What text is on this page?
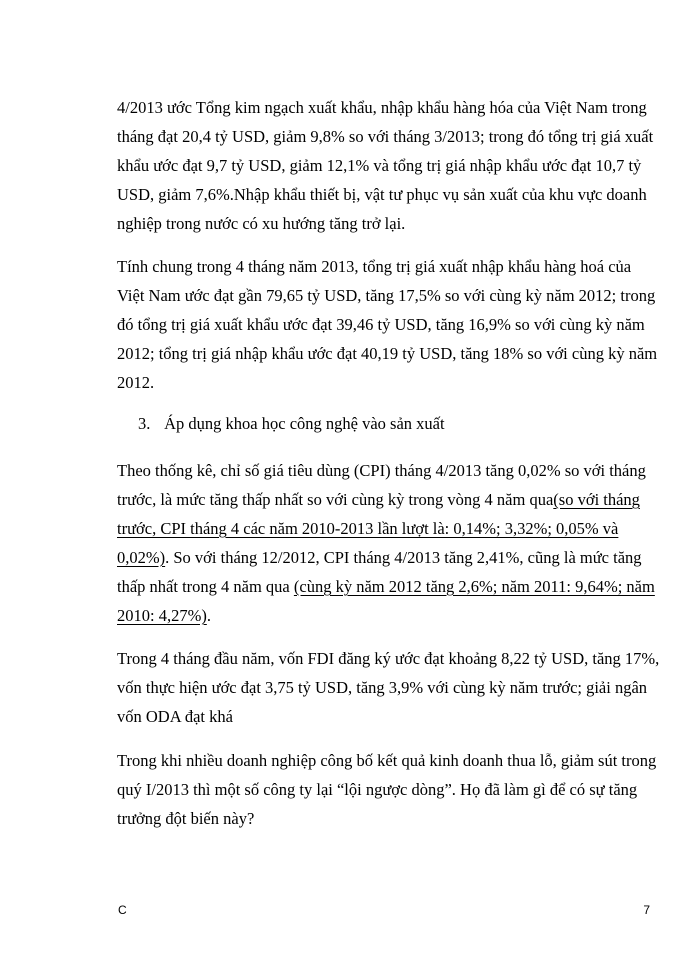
4/2013 ước Tổng kim ngạch xuất khẩu, nhập khẩu hàng hóa của Việt Nam trong tháng đạt 20,4 tỷ USD, giảm 9,8% so với tháng 3/2013; trong đó tổng trị giá xuất khẩu ước đạt 9,7 tỷ USD, giảm 12,1% và tổng trị giá nhập khẩu ước đạt 10,7 tỷ USD, giảm 7,6%.Nhập khẩu thiết bị, vật tư phục vụ sản xuất của khu vực doanh nghiệp trong nước có xu hướng tăng trở lại.

Tính chung trong 4 tháng năm 2013, tổng trị giá xuất nhập khẩu hàng hoá của Việt Nam ước đạt gần 79,65 tỷ USD, tăng 17,5% so với cùng kỳ năm 2012; trong đó tổng trị giá xuất khẩu ước đạt 39,46 tỷ USD, tăng 16,9% so với cùng kỳ năm 2012; tổng trị giá nhập khẩu ước đạt 40,19 tỷ USD, tăng 18% so với cùng kỳ năm 2012.

3. Áp dụng khoa học công nghệ vào sản xuất

Theo thống kê, chỉ số giá tiêu dùng (CPI) tháng 4/2013 tăng 0,02% so với tháng trước, là mức tăng thấp nhất so với cùng kỳ trong vòng 4 năm qua(so với tháng trước, CPI tháng 4 các năm 2010-2013 lần lượt là: 0,14%; 3,32%; 0,05% và 0,02%). So với tháng 12/2012, CPI tháng 4/2013 tăng 2,41%, cũng là mức tăng thấp nhất trong 4 năm qua (cùng kỳ năm 2012 tăng 2,6%; năm 2011: 9,64%; năm 2010: 4,27%).

Trong 4 tháng đầu năm, vốn FDI đăng ký ước đạt khoảng 8,22 tỷ USD, tăng 17%, vốn thực hiện ước đạt 3,75 tỷ USD, tăng 3,9% với cùng kỳ năm trước; giải ngân vốn ODA đạt khá

Trong khi nhiều doanh nghiệp công bố kết quả kinh doanh thua lỗ, giảm sút trong quý I/2013 thì một số công ty lại “lội ngược dòng”. Họ đã làm gì để có sự tăng trưởng đột biến này?

C	7
